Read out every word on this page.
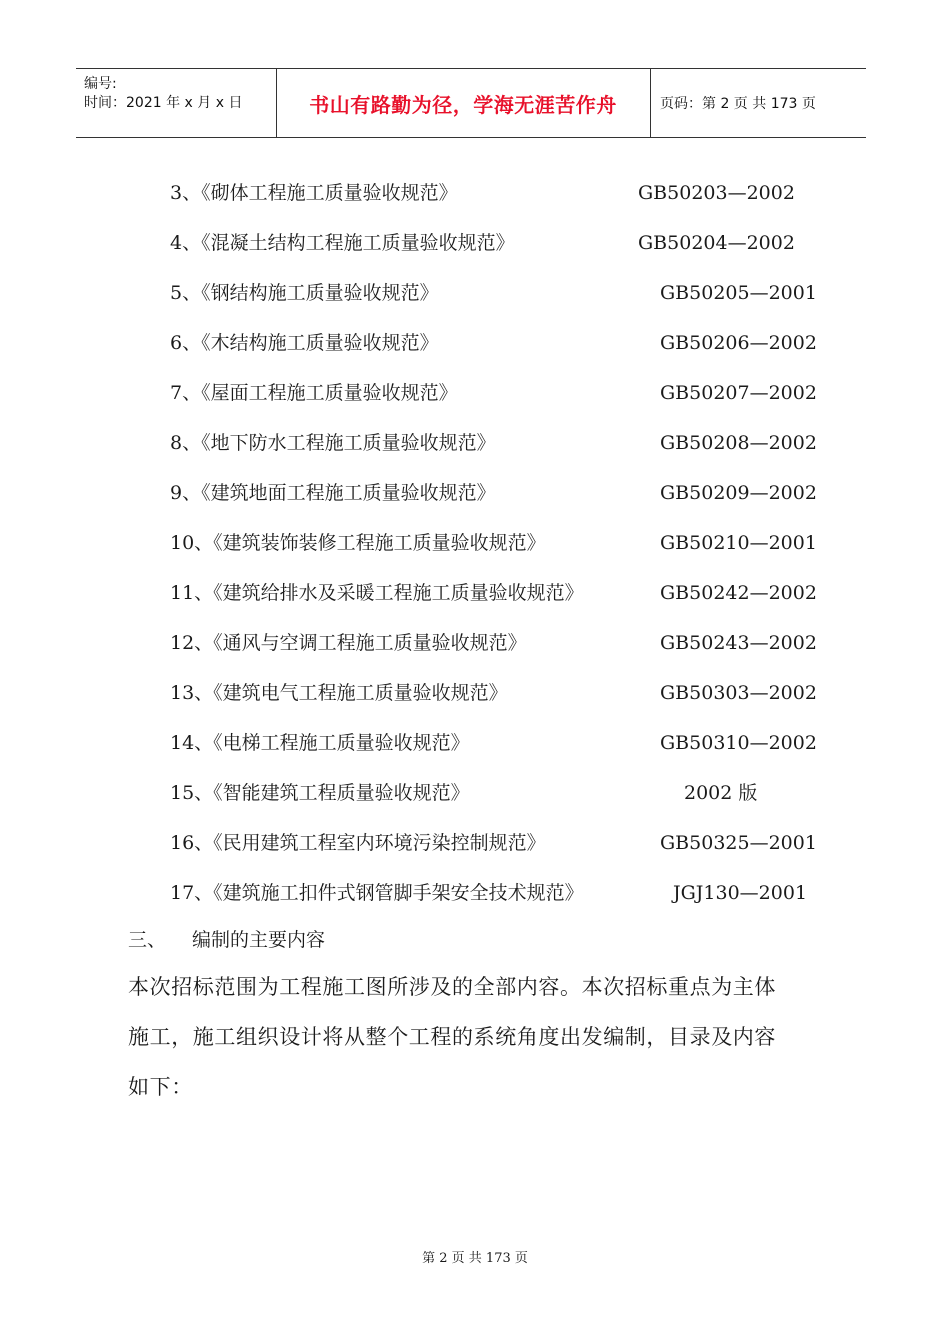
编号:
时间：2021 年 x 月 x 日	书山有路勤为径，学海无涯苦作舟	页码：第 2 页 共 173 页
3、《砌体工程施工质量验收规范》	GB50203—2002
4、《混凝土结构工程施工质量验收规范》	GB50204—2002
5、《钢结构施工质量验收规范》	GB50205—2001
6、《木结构施工质量验收规范》	GB50206—2002
7、《屋面工程施工质量验收规范》	GB50207—2002
8、《地下防水工程施工质量验收规范》	GB50208—2002
9、《建筑地面工程施工质量验收规范》	GB50209—2002
10、《建筑装饰装修工程施工质量验收规范》	GB50210—2001
11、《建筑给排水及采暖工程施工质量验收规范》	GB50242—2002
12、《通风与空调工程施工质量验收规范》	GB50243—2002
13、《建筑电气工程施工质量验收规范》	GB50303—2002
14、《电梯工程施工质量验收规范》	GB50310—2002
15、《智能建筑工程质量验收规范》	2002 版
16、《民用建筑工程室内环境污染控制规范》	GB50325—2001
17、《建筑施工扣件式钢管脚手架安全技术规范》	JGJ130—2001
三、 编制的主要内容
本次招标范围为工程施工图所涉及的全部内容。本次招标重点为主体
施工，施工组织设计将从整个工程的系统角度出发编制，目录及内容
如下：
第 2 页 共 173 页
